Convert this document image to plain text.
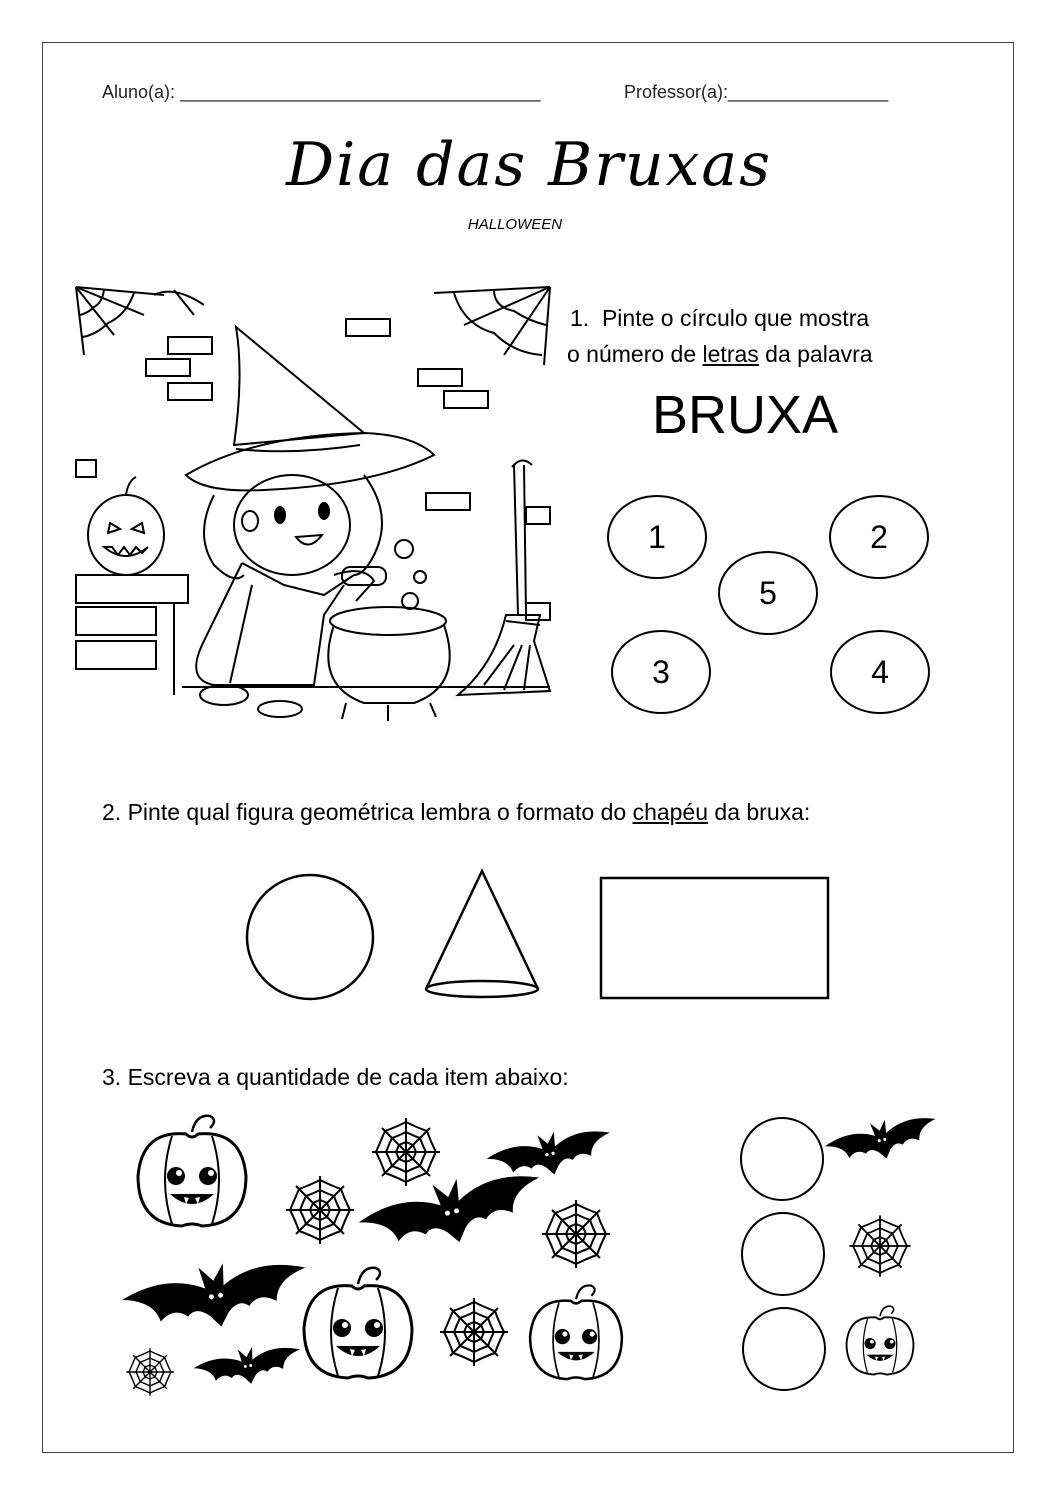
Aluno(a): ____________________________________	Professor(a):________________
Dia das Bruxas
HALLOWEEN
1. Pinte o círculo que mostra
o número de letras da palavra
BRUXA
1	2
5
3	4
2. Pinte qual figura geométrica lembra o formato do chapéu da bruxa:
3. Escreva a quantidade de cada item abaixo:
